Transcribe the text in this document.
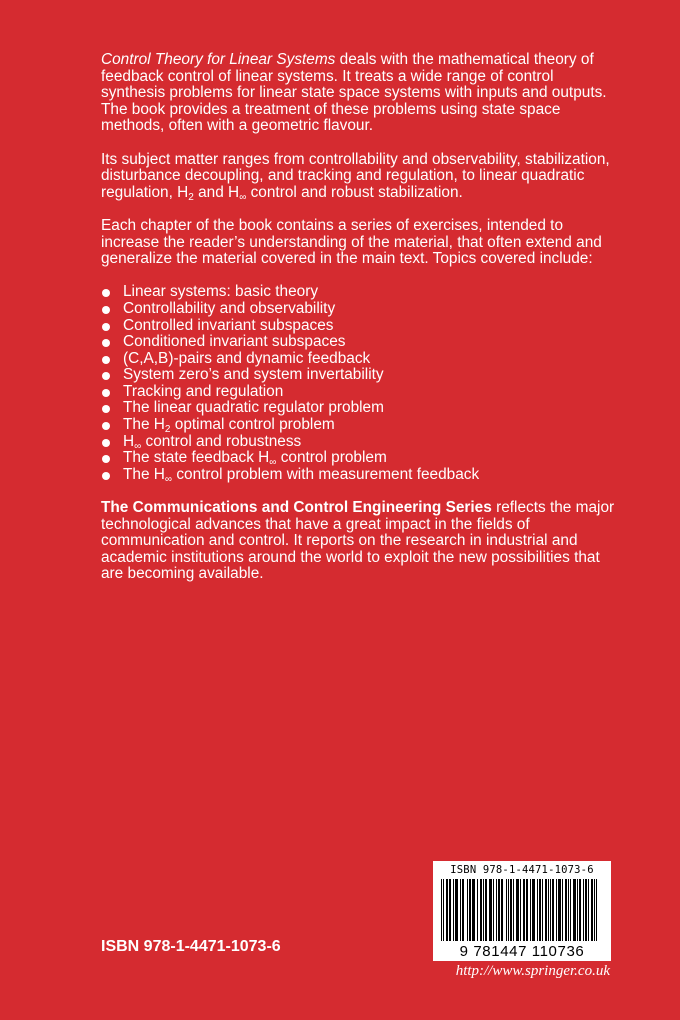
Control Theory for Linear Systems deals with the mathematical theory of feedback control of linear systems. It treats a wide range of control synthesis problems for linear state space systems with inputs and outputs. The book provides a treatment of these problems using state space methods, often with a geometric flavour.

Its subject matter ranges from controllability and observability, stabilization, disturbance decoupling, and tracking and regulation, to linear quadratic regulation, $H_2$ and $H_\infty$ control and robust stabilization.

Each chapter of the book contains a series of exercises, intended to increase the reader’s understanding of the material, that often extend and generalize the material covered in the main text. Topics covered include:

Linear systems: basic theory
Controllability and observability
Controlled invariant subspaces
Conditioned invariant subspaces
(C,A,B)-pairs and dynamic feedback
System zero’s and system invertability
Tracking and regulation
The linear quadratic regulator problem
The $H_2$ optimal control problem
$H_\infty$ control and robustness
The state feedback $H_\infty$ control problem
The $H_\infty$ control problem with measurement feedback

The Communications and Control Engineering Series reflects the major technological advances that have a great impact in the fields of communication and control. It reports on the research in industrial and academic institutions around the world to exploit the new possibilities that are becoming available.

ISBN 978-1-4471-1073-6
ISBN 978-1-4471-1073-6
9 781447 110736
http://www.springer.co.uk
